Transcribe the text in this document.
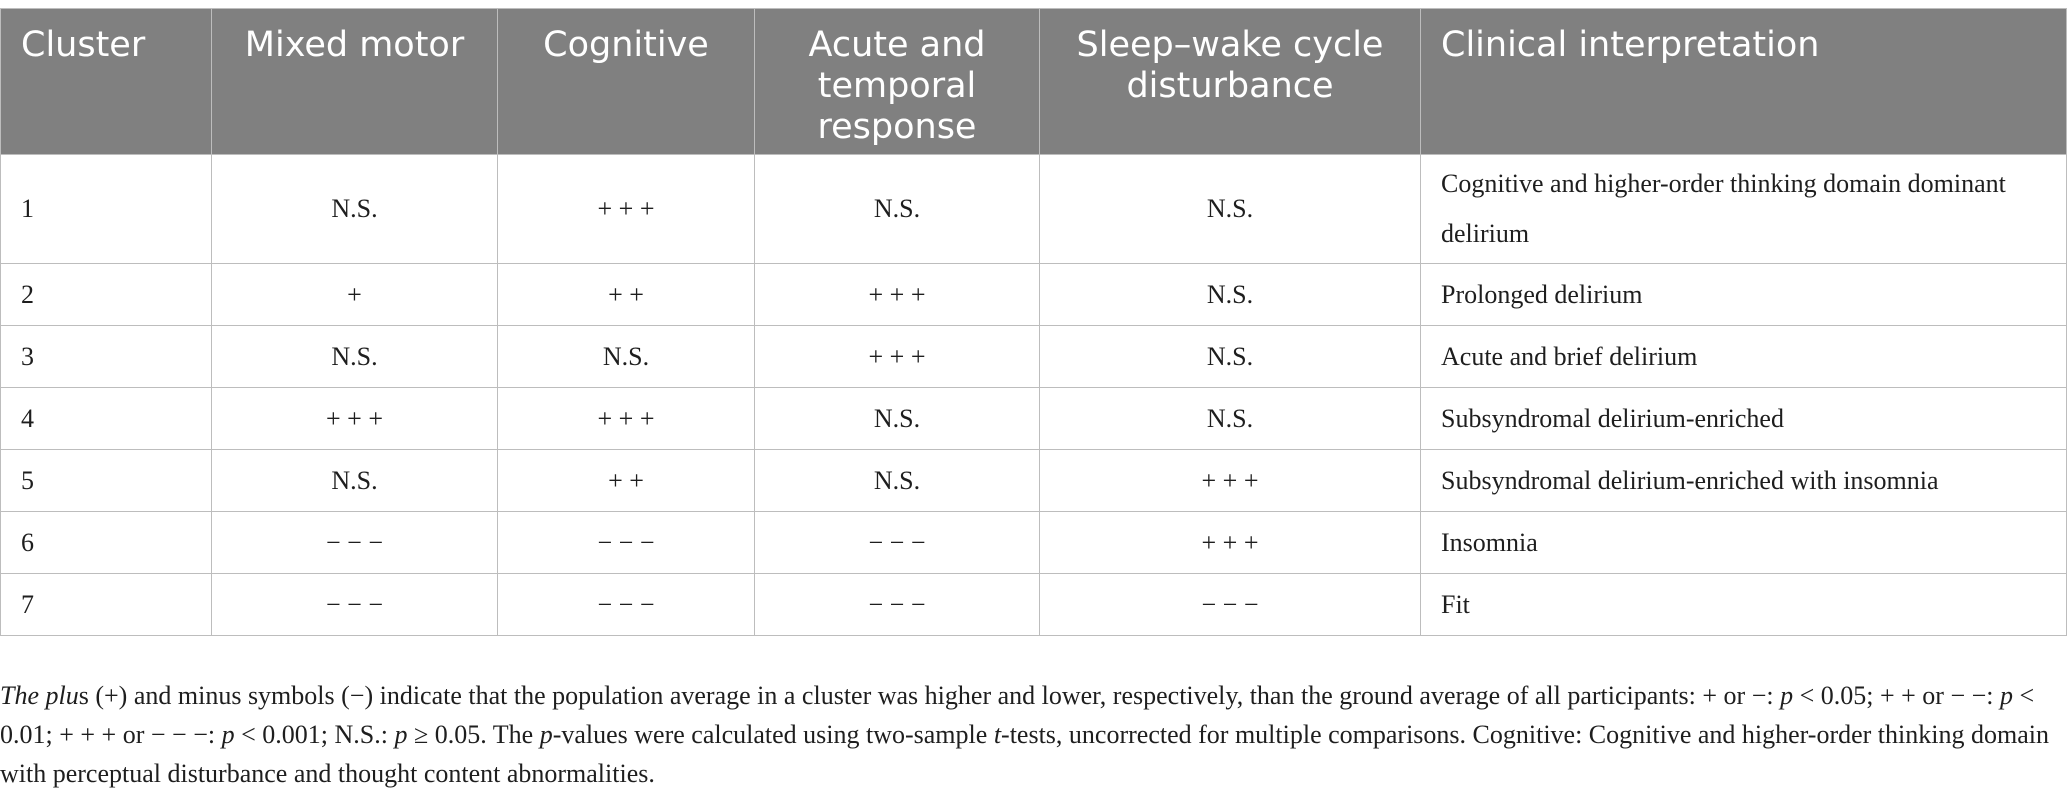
Cluster	Mixed motor	Cognitive	Acute and temporal response	Sleep–wake cycle disturbance	Clinical interpretation
1	N.S.	+ + +	N.S.	N.S.	Cognitive and higher-order thinking domain dominant delirium
2	+	+ +	+ + +	N.S.	Prolonged delirium
3	N.S.	N.S.	+ + +	N.S.	Acute and brief delirium
4	+ + +	+ + +	N.S.	N.S.	Subsyndromal delirium-enriched
5	N.S.	+ +	N.S.	+ + +	Subsyndromal delirium-enriched with insomnia
6	− − −	− − −	− − −	+ + +	Insomnia
7	− − −	− − −	− − −	− − −	Fit

The plus (+) and minus symbols (−) indicate that the population average in a cluster was higher and lower, respectively, than the ground average of all participants: + or −: p < 0.05; + + or − −: p < 0.01; + + + or − − −: p < 0.001; N.S.: p ≥ 0.05. The p-values were calculated using two-sample t-tests, uncorrected for multiple comparisons. Cognitive: Cognitive and higher-order thinking domain with perceptual disturbance and thought content abnormalities.
